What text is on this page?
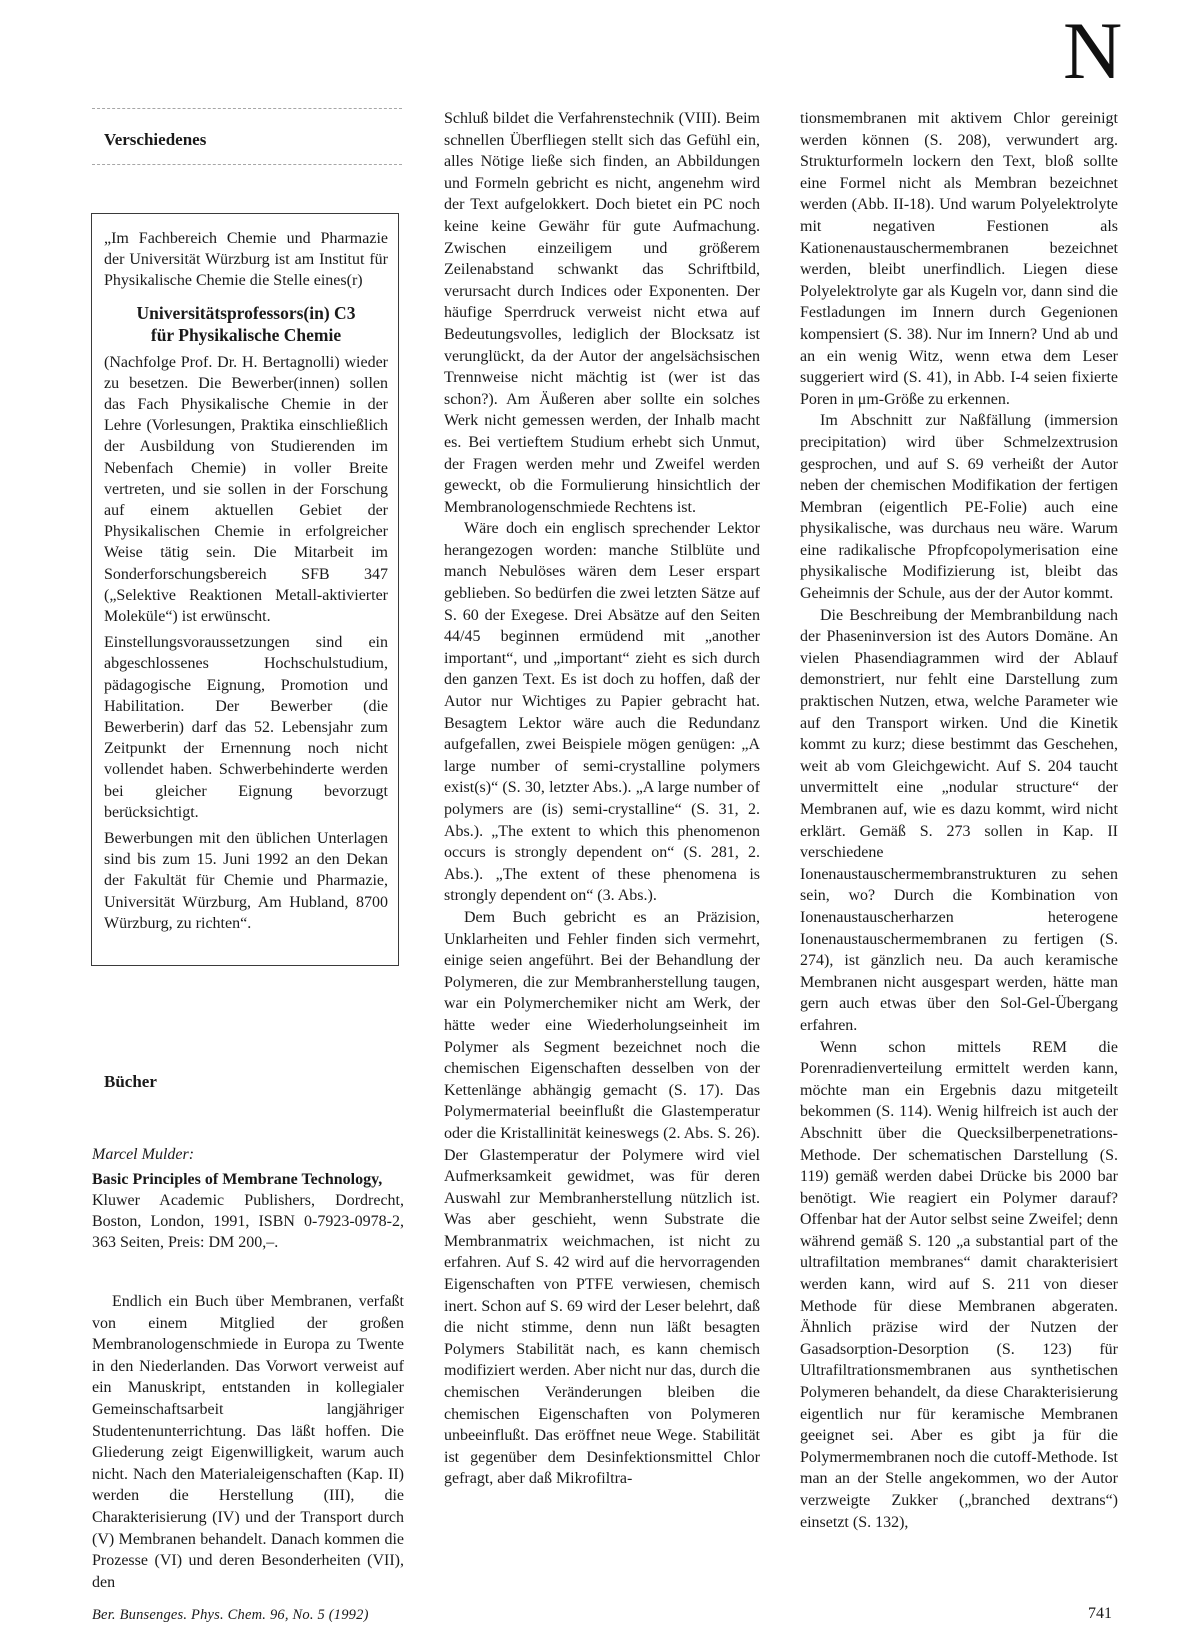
N
Verschiedenes

„Im Fachbereich Chemie und Pharmazie der Universität Würzburg ist am Institut für Physikalische Chemie die Stelle eines(r)

Universitätsprofessors(in) C3
für Physikalische Chemie

(Nachfolge Prof. Dr. H. Bertagnolli) wieder zu besetzen. Die Bewerber(innen) sollen das Fach Physikalische Chemie in der Lehre (Vorlesungen, Praktika einschließlich der Ausbildung von Studierenden im Nebenfach Chemie) in voller Breite vertreten, und sie sollen in der Forschung auf einem aktuellen Gebiet der Physikalischen Chemie in erfolgreicher Weise tätig sein. Die Mitarbeit im Sonderforschungsbereich SFB 347 („Selektive Reaktionen Metall-aktivierter Moleküle“) ist erwünscht.

Einstellungsvoraussetzungen sind ein abgeschlossenes Hochschulstudium, pädagogische Eignung, Promotion und Habilitation. Der Bewerber (die Bewerberin) darf das 52. Lebensjahr zum Zeitpunkt der Ernennung noch nicht vollendet haben. Schwerbehinderte werden bei gleicher Eignung bevorzugt berücksichtigt.

Bewerbungen mit den üblichen Unterlagen sind bis zum 15. Juni 1992 an den Dekan der Fakultät für Chemie und Pharmazie, Universität Würzburg, Am Hubland, 8700 Würzburg, zu richten“.

Bücher
Marcel Mulder:

Basic Principles of Membrane Technology,
Kluwer Academic Publishers, Dordrecht, Boston, London, 1991, ISBN 0-7923-0978-2, 363 Seiten, Preis: DM 200,–.

Endlich ein Buch über Membranen, verfaßt von einem Mitglied der großen Membranologenschmiede in Europa zu Twente in den Niederlanden. Das Vorwort verweist auf ein Manuskript, entstanden in kollegialer Gemeinschaftsarbeit langjähriger Studentenunterrichtung. Das läßt hoffen. Die Gliederung zeigt Eigenwilligkeit, warum auch nicht. Nach den Materialeigenschaften (Kap. II) werden die Herstellung (III), die Charakterisierung (IV) und der Transport durch (V) Membranen behandelt. Danach kommen die Prozesse (VI) und deren Besonderheiten (VII), den

Schluß bildet die Verfahrenstechnik (VIII). Beim schnellen Überfliegen stellt sich das Gefühl ein, alles Nötige ließe sich finden, an Abbildungen und Formeln gebricht es nicht, angenehm wird der Text aufgelokkert. Doch bietet ein PC noch keine keine Gewähr für gute Aufmachung. Zwischen einzeiligem und größerem Zeilenabstand schwankt das Schriftbild, verursacht durch Indices oder Exponenten. Der häufige Sperrdruck verweist nicht etwa auf Bedeutungsvolles, lediglich der Blocksatz ist verunglückt, da der Autor der angelsächsischen Trennweise nicht mächtig ist (wer ist das schon?). Am Äußeren aber sollte ein solches Werk nicht gemessen werden, der Inhalb macht es. Bei vertieftem Studium erhebt sich Unmut, der Fragen werden mehr und Zweifel werden geweckt, ob die Formulierung hinsichtlich der Membranologenschmiede Rechtens ist.

Wäre doch ein englisch sprechender Lektor herangezogen worden: manche Stilblüte und manch Nebulöses wären dem Leser erspart geblieben. So bedürfen die zwei letzten Sätze auf S. 60 der Exegese. Drei Absätze auf den Seiten 44/45 beginnen ermüdend mit „another important“, und „important“ zieht es sich durch den ganzen Text. Es ist doch zu hoffen, daß der Autor nur Wichtiges zu Papier gebracht hat. Besagtem Lektor wäre auch die Redundanz aufgefallen, zwei Beispiele mögen genügen: „A large number of semi-crystalline polymers exist(s)“ (S. 30, letzter Abs.). „A large number of polymers are (is) semi-crystalline“ (S. 31, 2. Abs.). „The extent to which this phenomenon occurs is strongly dependent on“ (S. 281, 2. Abs.). „The extent of these phenomena is strongly dependent on“ (3. Abs.).

Dem Buch gebricht es an Präzision, Unklarheiten und Fehler finden sich vermehrt, einige seien angeführt. Bei der Behandlung der Polymeren, die zur Membranherstellung taugen, war ein Polymerchemiker nicht am Werk, der hätte weder eine Wiederholungseinheit im Polymer als Segment bezeichnet noch die chemischen Eigenschaften desselben von der Kettenlänge abhängig gemacht (S. 17). Das Polymermaterial beeinflußt die Glastemperatur oder die Kristallinität keineswegs (2. Abs. S. 26). Der Glastemperatur der Polymere wird viel Aufmerksamkeit gewidmet, was für deren Auswahl zur Membranherstellung nützlich ist. Was aber geschieht, wenn Substrate die Membranmatrix weichmachen, ist nicht zu erfahren. Auf S. 42 wird auf die hervorragenden Eigenschaften von PTFE verwiesen, chemisch inert. Schon auf S. 69 wird der Leser belehrt, daß die nicht stimme, denn nun läßt besagten Polymers Stabilität nach, es kann chemisch modifiziert werden. Aber nicht nur das, durch die chemischen Veränderungen bleiben die chemischen Eigenschaften von Polymeren unbeeinflußt. Das eröffnet neue Wege. Stabilität ist gegenüber dem Desinfektionsmittel Chlor gefragt, aber daß Mikrofiltra-

tionsmembranen mit aktivem Chlor gereinigt werden können (S. 208), verwundert arg. Strukturformeln lockern den Text, bloß sollte eine Formel nicht als Membran bezeichnet werden (Abb. II-18). Und warum Polyelektrolyte mit negativen Festionen als Kationenaustauschermembranen bezeichnet werden, bleibt unerfindlich. Liegen diese Polyelektrolyte gar als Kugeln vor, dann sind die Festladungen im Innern durch Gegenionen kompensiert (S. 38). Nur im Innern? Und ab und an ein wenig Witz, wenn etwa dem Leser suggeriert wird (S. 41), in Abb. I-4 seien fixierte Poren in μm-Größe zu erkennen.

Im Abschnitt zur Naßfällung (immersion precipitation) wird über Schmelzextrusion gesprochen, und auf S. 69 verheißt der Autor neben der chemischen Modifikation der fertigen Membran (eigentlich PE-Folie) auch eine physikalische, was durchaus neu wäre. Warum eine radikalische Pfropfcopolymerisation eine physikalische Modifizierung ist, bleibt das Geheimnis der Schule, aus der der Autor kommt.

Die Beschreibung der Membranbildung nach der Phaseninversion ist des Autors Domäne. An vielen Phasendiagrammen wird der Ablauf demonstriert, nur fehlt eine Darstellung zum praktischen Nutzen, etwa, welche Parameter wie auf den Transport wirken. Und die Kinetik kommt zu kurz; diese bestimmt das Geschehen, weit ab vom Gleichgewicht. Auf S. 204 taucht unvermittelt eine „nodular structure“ der Membranen auf, wie es dazu kommt, wird nicht erklärt. Gemäß S. 273 sollen in Kap. II verschiedene Ionenaustauschermembranstrukturen zu sehen sein, wo? Durch die Kombination von Ionenaustauscherharzen heterogene Ionenaustauschermembranen zu fertigen (S. 274), ist gänzlich neu. Da auch keramische Membranen nicht ausgespart werden, hätte man gern auch etwas über den Sol-Gel-Übergang erfahren.

Wenn schon mittels REM die Porenradienverteilung ermittelt werden kann, möchte man ein Ergebnis dazu mitgeteilt bekommen (S. 114). Wenig hilfreich ist auch der Abschnitt über die Quecksilberpenetrations-Methode. Der schematischen Darstellung (S. 119) gemäß werden dabei Drücke bis 2000 bar benötigt. Wie reagiert ein Polymer darauf? Offenbar hat der Autor selbst seine Zweifel; denn während gemäß S. 120 „a substantial part of the ultrafiltation membranes“ damit charakterisiert werden kann, wird auf S. 211 von dieser Methode für diese Membranen abgeraten. Ähnlich präzise wird der Nutzen der Gasadsorption-Desorption (S. 123) für Ultrafiltrationsmembranen aus synthetischen Polymeren behandelt, da diese Charakterisierung eigentlich nur für keramische Membranen geeignet sei. Aber es gibt ja für die Polymermembranen noch die cutoff-Methode. Ist man an der Stelle angekommen, wo der Autor verzweigte Zukker („branched dextrans“) einsetzt (S. 132),

Ber. Bunsenges. Phys. Chem. 96, No. 5 (1992)	741
